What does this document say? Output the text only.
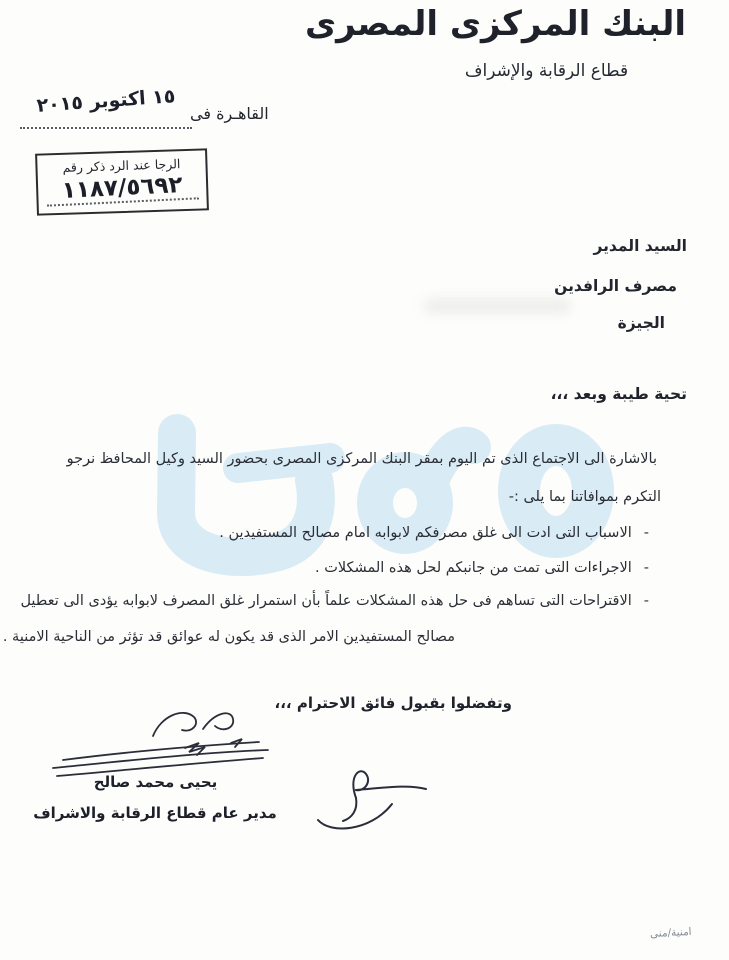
البنك المركزى المصرى
قطاع الرقابة والإشراف
١٥ اكتوبر ٢٠١٥
القاهـرة فى
الرجا عند الرد ذكر رقم
١١٨٧/٥٦٩٢
السيد المدير
مصرف الرافدين
الجيزة
تحية طيبة وبعد ،،،
بالاشارة الى الاجتماع الذى تم اليوم بمقر البنك المركزى المصرى بحضور السيد وكيل المحافظ نرجو
التكرم بموافاتنا بما يلى :-
-
الاسباب التى ادت الى غلق مصرفكم لابوابه امام مصالح المستفيدين .
-
الاجراءات التى تمت من جانبكم لحل هذه المشكلات .
-
الاقتراحات التى تساهم فى حل هذه المشكلات علماً بأن استمرار غلق المصرف لابوابه يؤدى الى تعطيل
مصالح المستفيدين الامر الذى قد يكون له عوائق قد تؤثر من الناحية الامنية .
وتفضلوا بقبول فائق الاحترام ،،،
يحيى محمد صالح
مدير عام قطاع الرقابة والاشراف
امنية/منى
